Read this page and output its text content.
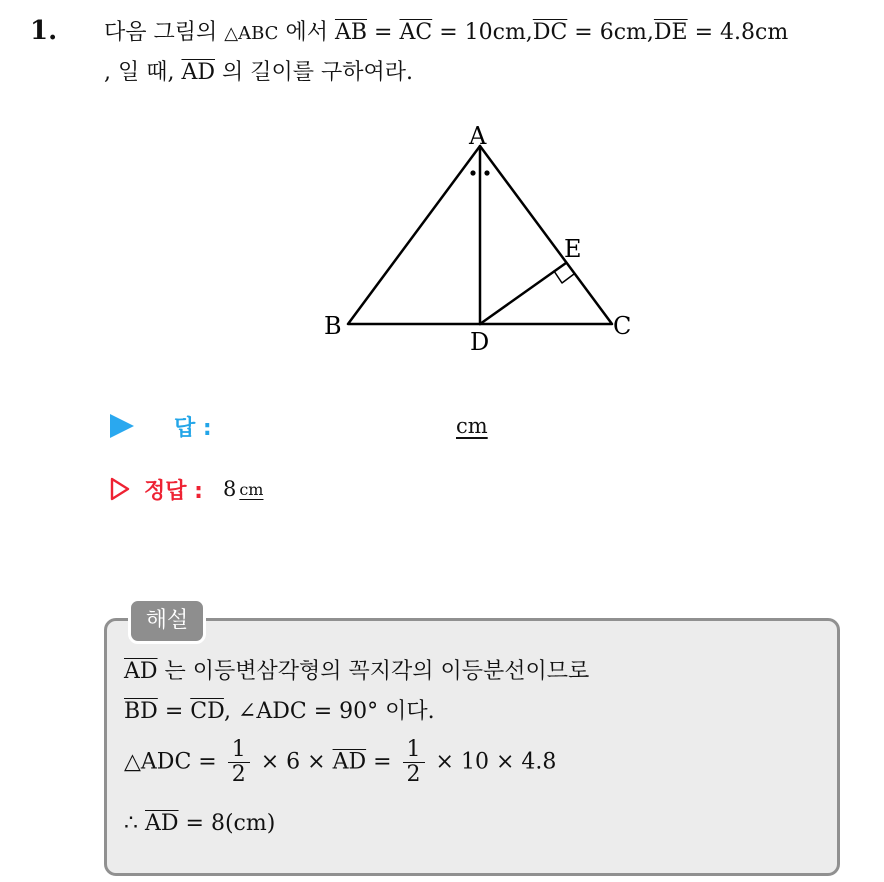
1. 다음 그림의 △ABC 에서 $\overline{AB} = \overline{AC} = 10cm,\overline{DC} = 6cm,\overline{DE} = 4.8cm$
, 일 때, $\overline{AD}$ 의 길이를 구하여라.
A
B	C
D
E
답 :	cm
정답 : 8 cm
해설
$\overline{AD}$ 는 이등변삼각형의 꼭지각의 이등분선이므로
$\overline{BD} = \overline{CD}$, ∠ADC = 90° 이다.
△ADC = $\frac{1}{2} \times 6 \times \overline{AD} = \frac{1}{2} \times 10 \times 4.8$
∴ $\overline{AD} = 8(cm)$
